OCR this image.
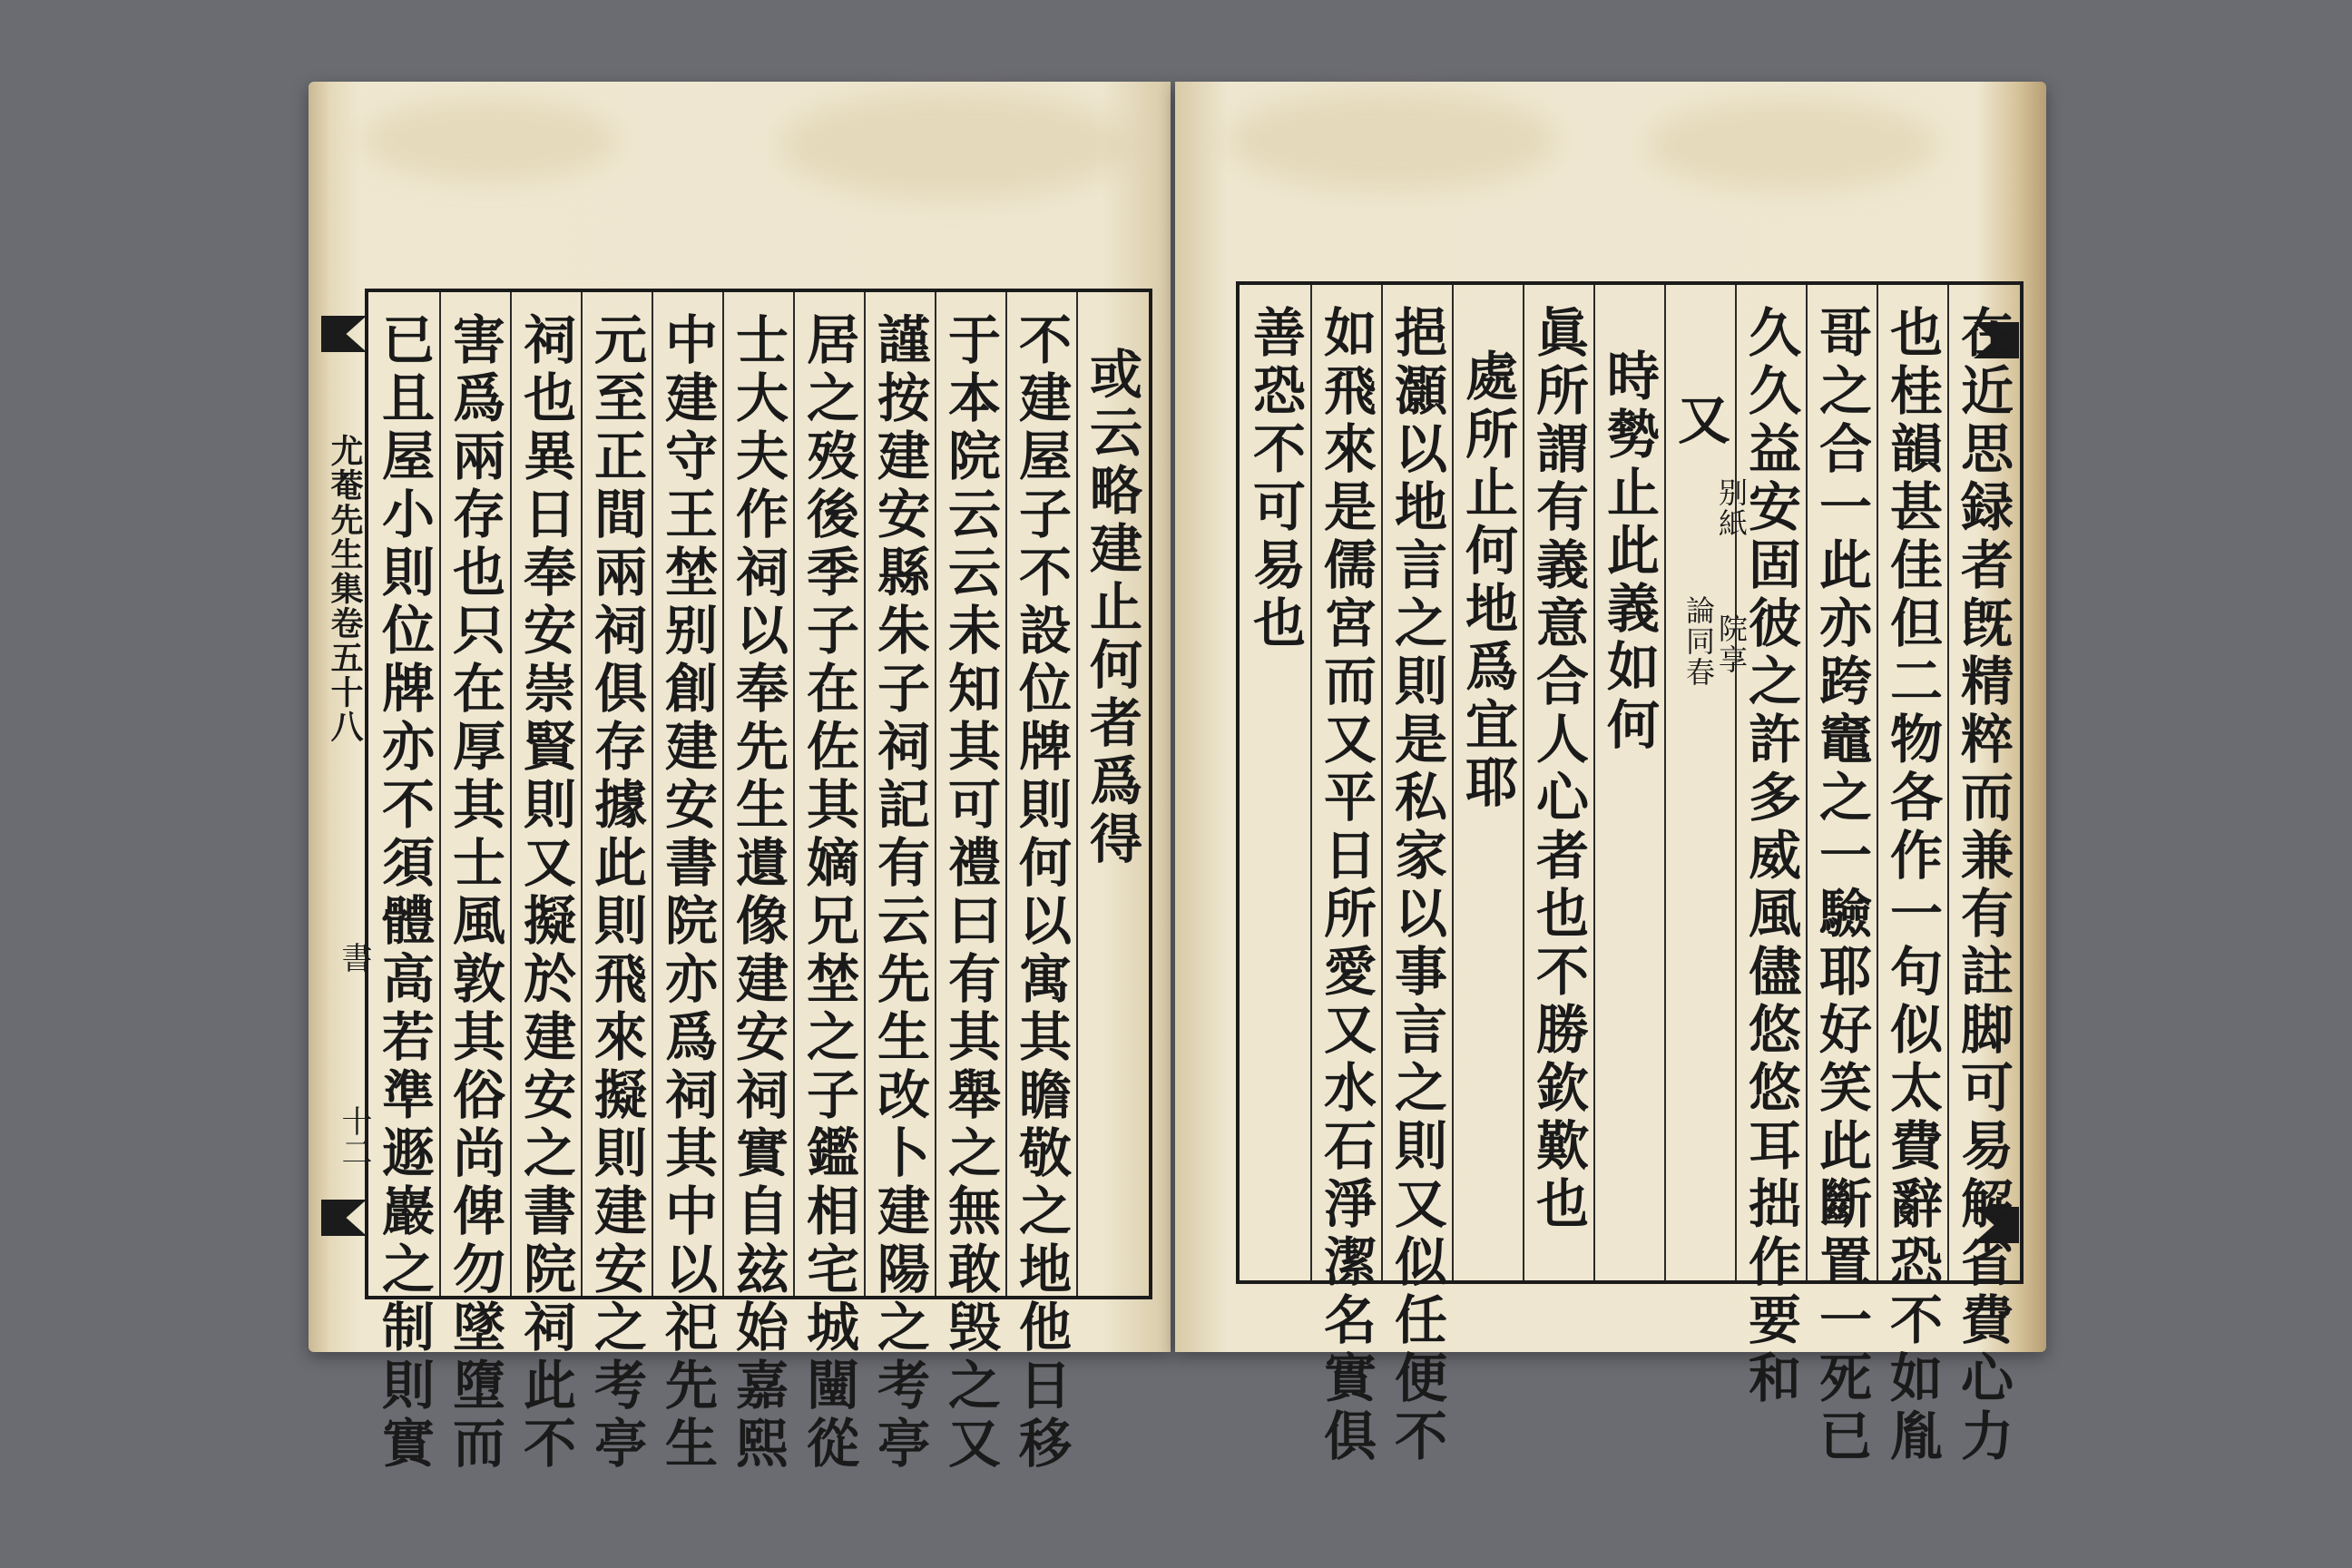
尤菴先生集卷五十八
書
十二
或云略建止何者爲得
不建屋子不設位牌則何以寓其瞻敬之地他日移
于本院云云未知其可禮曰有其舉之無敢毁之又
謹按建安縣朱子祠記有云先生改卜建陽之考亭
居之歿後季子在佐其嫡兄埜之子鑑相宅城闉從
士大夫作祠以奉先生遺像建安祠實自玆始嘉熙
中建守王埜别創建安書院亦爲祠其中以祀先生
元至正間兩祠俱存據此則飛來擬則建安之考亭
祠也異日奉安崇賢則又擬於建安之書院祠此不
害爲兩存也只在厚其士風敦其俗尚俾勿墜墮而
已且屋小則位牌亦不須體高若準遯巖之制則實	在近思録者旣精粹而兼有註脚可易解省費心力
也桂韻甚佳但二物各作一句似太費辭恐不如胤
哥之合一此亦跨竈之一驗耶好笑此斷置一死已
久久益安固彼之許多威風儘悠悠耳拙作要和
又
别紙
論同春
院享
時勢止此義如何
眞所謂有義意合人心者也不勝欽歎也
處所止何地爲宜耶
挹灝以地言之則是私家以事言之則又似任便不
如飛來是儒宮而又平日所愛又水石淨潔名實俱
善恐不可易也
